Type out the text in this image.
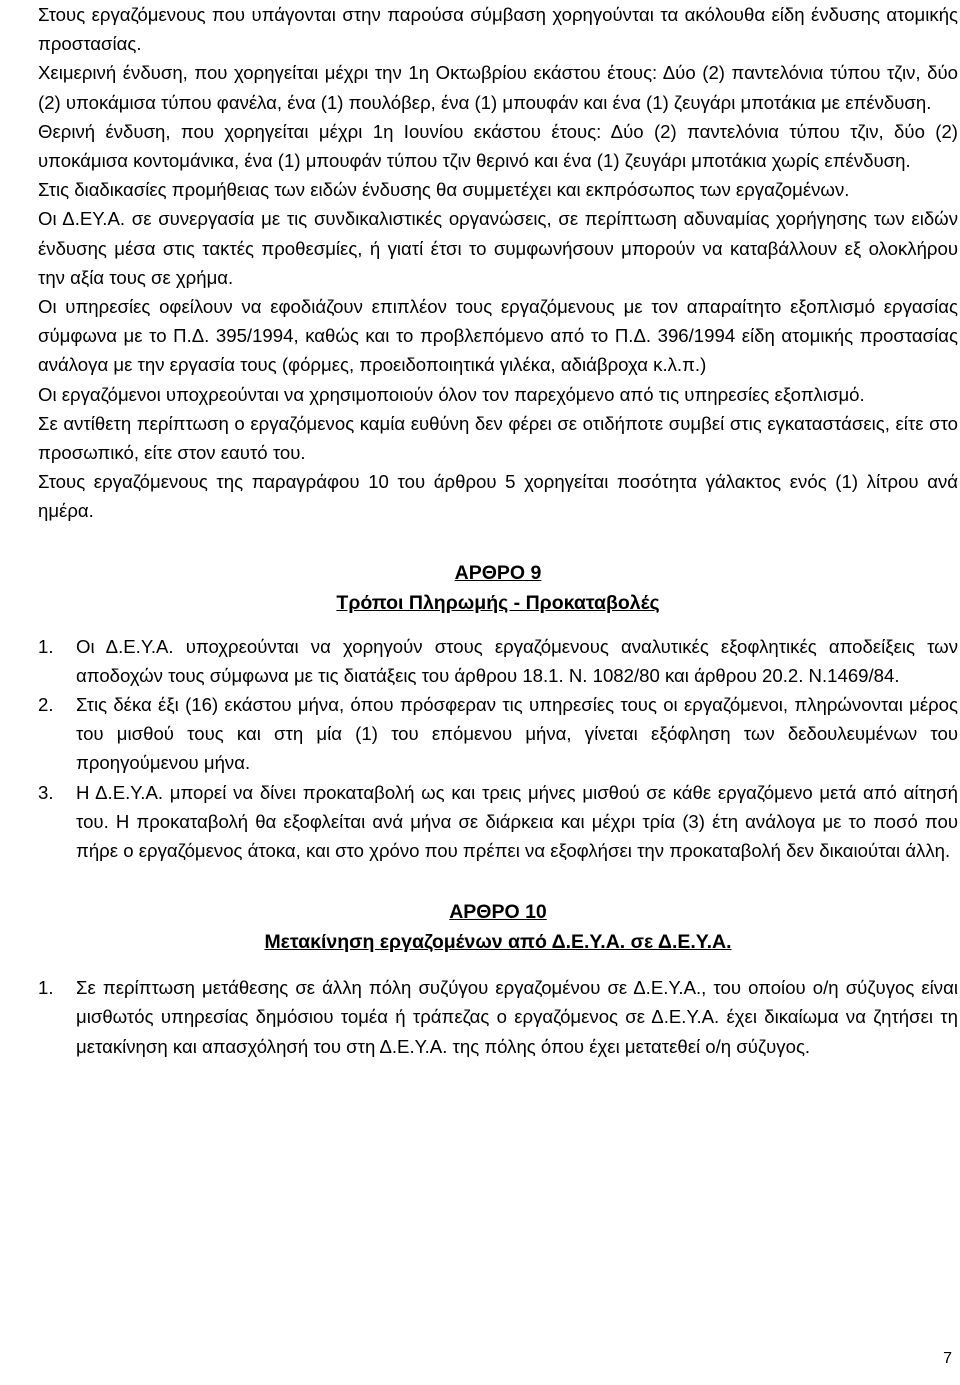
Στους εργαζόμενους που υπάγονται στην παρούσα σύμβαση χορηγούνται τα ακόλουθα είδη ένδυσης ατομικής προστασίας.

Χειμερινή ένδυση, που χορηγείται μέχρι την 1η Οκτωβρίου εκάστου έτους: Δύο (2) παντελόνια τύπου τζιν, δύο (2) υποκάμισα τύπου φανέλα, ένα (1) πουλόβερ, ένα (1) μπουφάν και ένα (1) ζευγάρι μποτάκια με επένδυση.

Θερινή ένδυση, που χορηγείται μέχρι 1η Ιουνίου εκάστου έτους: Δύο (2) παντελόνια τύπου τζιν, δύο (2) υποκάμισα κοντομάνικα, ένα (1) μπουφάν τύπου τζιν θερινό και ένα (1) ζευγάρι μποτάκια χωρίς επένδυση.

Στις διαδικασίες προμήθειας των ειδών ένδυσης θα συμμετέχει και εκπρόσωπος των εργαζομένων.

Οι Δ.ΕΥ.Α. σε συνεργασία με τις συνδικαλιστικές οργανώσεις, σε περίπτωση αδυναμίας χορήγησης των ειδών ένδυσης μέσα στις τακτές προθεσμίες, ή γιατί έτσι το συμφωνήσουν μπορούν να καταβάλλουν εξ ολοκλήρου την αξία τους σε χρήμα.

Οι υπηρεσίες οφείλουν να εφοδιάζουν επιπλέον τους εργαζόμενους με τον απαραίτητο εξοπλισμό εργασίας σύμφωνα με το Π.Δ. 395/1994, καθώς και το προβλεπόμενο από το Π.Δ. 396/1994 είδη ατομικής προστασίας ανάλογα με την εργασία τους (φόρμες, προειδοποιητικά γιλέκα, αδιάβροχα κ.λ.π.)

Οι εργαζόμενοι υποχρεούνται να χρησιμοποιούν όλον τον παρεχόμενο από τις υπηρεσίες εξοπλισμό.

Σε αντίθετη περίπτωση ο εργαζόμενος καμία ευθύνη δεν φέρει σε οτιδήποτε συμβεί στις εγκαταστάσεις, είτε στο προσωπικό, είτε στον εαυτό του.

Στους εργαζόμενους της παραγράφου 10 του άρθρου 5 χορηγείται ποσότητα γάλακτος ενός (1) λίτρου ανά ημέρα.

ΑΡΘΡΟ 9
Τρόποι Πληρωμής - Προκαταβολές
1.	Οι Δ.Ε.Υ.Α. υποχρεούνται να χορηγούν στους εργαζόμενους αναλυτικές εξοφλητικές αποδείξεις των αποδοχών τους σύμφωνα με τις διατάξεις του άρθρου 18.1. Ν. 1082/80 και άρθρου 20.2. Ν.1469/84.
2.	Στις δέκα έξι (16) εκάστου μήνα, όπου πρόσφεραν τις υπηρεσίες τους οι εργαζόμενοι, πληρώνονται μέρος του μισθού τους και στη μία (1) του επόμενου μήνα, γίνεται εξόφληση των δεδουλευμένων του προηγούμενου μήνα.
3.	Η Δ.Ε.Υ.Α. μπορεί να δίνει προκαταβολή ως και τρεις μήνες μισθού σε κάθε εργαζόμενο μετά από αίτησή του. Η προκαταβολή θα εξοφλείται ανά μήνα σε διάρκεια και μέχρι τρία (3) έτη ανάλογα με το ποσό που πήρε ο εργαζόμενος άτοκα, και στο χρόνο που πρέπει να εξοφλήσει την προκαταβολή δεν δικαιούται άλλη.
ΑΡΘΡΟ 10
Μετακίνηση εργαζομένων από Δ.Ε.Υ.Α. σε Δ.Ε.Υ.Α.
1.	Σε περίπτωση μετάθεσης σε άλλη πόλη συζύγου εργαζομένου σε Δ.Ε.Υ.Α., του οποίου ο/η σύζυγος είναι μισθωτός υπηρεσίας δημόσιου τομέα ή τράπεζας ο εργαζόμενος σε Δ.Ε.Υ.Α. έχει δικαίωμα να ζητήσει τη μετακίνηση και απασχόλησή του στη Δ.Ε.Υ.Α. της πόλης όπου έχει μετατεθεί ο/η σύζυγος.
7
